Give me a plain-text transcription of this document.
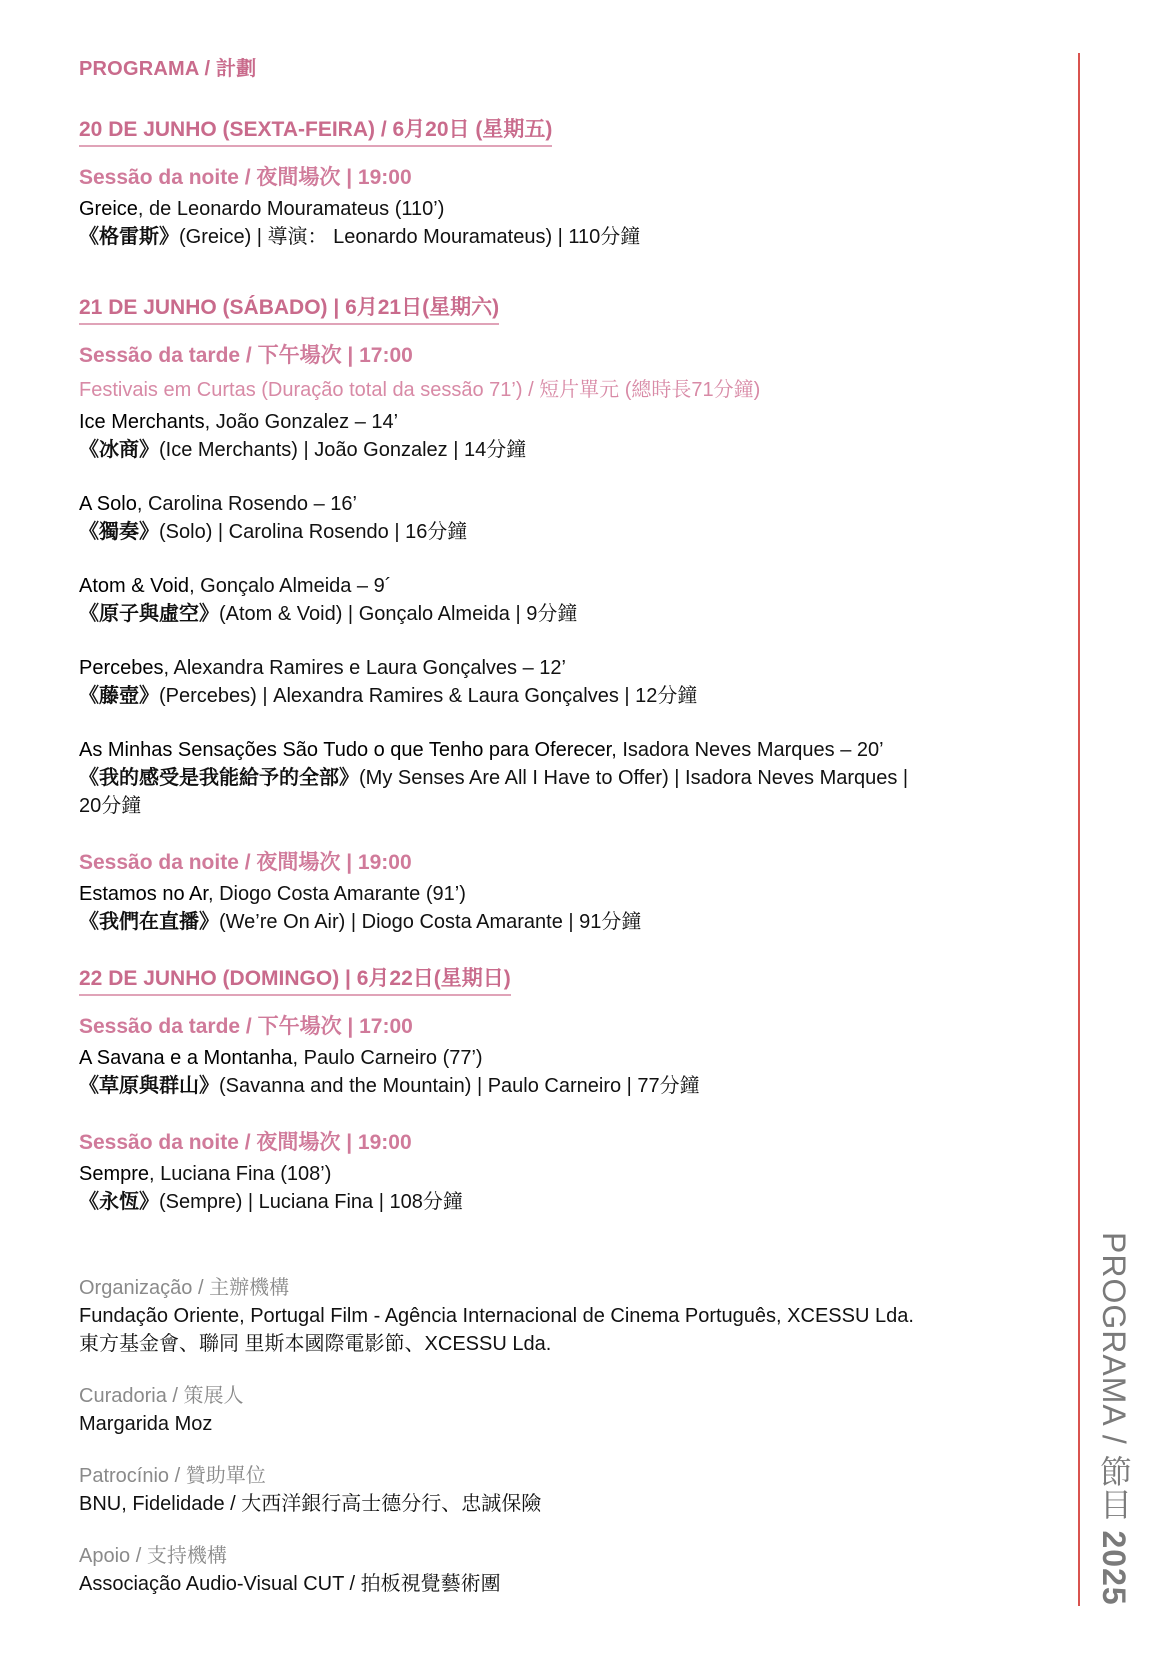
PROGRAMA / 節目 2025
PROGRAMA / 計劃
20 DE JUNHO (SEXTA-FEIRA) / 6月20日 (星期五)
Sessão da noite / 夜間場次 | 19:00
Greice, de Leonardo Mouramateus (110’)
《格雷斯》(Greice) | 導演： Leonardo Mouramateus) | 110分鐘
21 DE JUNHO (SÁBADO) | 6月21日(星期六)
Sessão da tarde / 下午場次 | 17:00
Festivais em Curtas (Duração total da sessão 71’) / 短片單元 (總時長71分鐘)
Ice Merchants, João Gonzalez – 14’
《冰商》(Ice Merchants) | João Gonzalez | 14分鐘
A Solo, Carolina Rosendo – 16’
《獨奏》(Solo) | Carolina Rosendo | 16分鐘
Atom & Void, Gonçalo Almeida – 9´
《原子與虛空》(Atom & Void) | Gonçalo Almeida | 9分鐘
Percebes, Alexandra Ramires e Laura Gonçalves – 12’
《藤壺》(Percebes) | Alexandra Ramires & Laura Gonçalves | 12分鐘
As Minhas Sensações São Tudo o que Tenho para Oferecer, Isadora Neves Marques – 20’
《我的感受是我能給予的全部》(My Senses Are All I Have to Offer) | Isadora Neves Marques |
20分鐘
Sessão da noite / 夜間場次 | 19:00
Estamos no Ar, Diogo Costa Amarante (91’)
《我們在直播》(We’re On Air) | Diogo Costa Amarante | 91分鐘
22 DE JUNHO (DOMINGO) | 6月22日(星期日)
Sessão da tarde / 下午場次 | 17:00
A Savana e a Montanha, Paulo Carneiro (77’)
《草原與群山》(Savanna and the Mountain) | Paulo Carneiro | 77分鐘
Sessão da noite / 夜間場次 | 19:00
Sempre, Luciana Fina (108’)
《永恆》(Sempre) | Luciana Fina | 108分鐘
Organização / 主辦機構
Fundação Oriente, Portugal Film - Agência Internacional de Cinema Português, XCESSU Lda.
東方基金會、聯同 里斯本國際電影節、XCESSU Lda.
Curadoria / 策展人
Margarida Moz
Patrocínio / 贊助單位
BNU, Fidelidade / 大西洋銀行高士德分行、忠誠保險
Apoio / 支持機構
Associação Audio-Visual CUT / 拍板視覺藝術團
